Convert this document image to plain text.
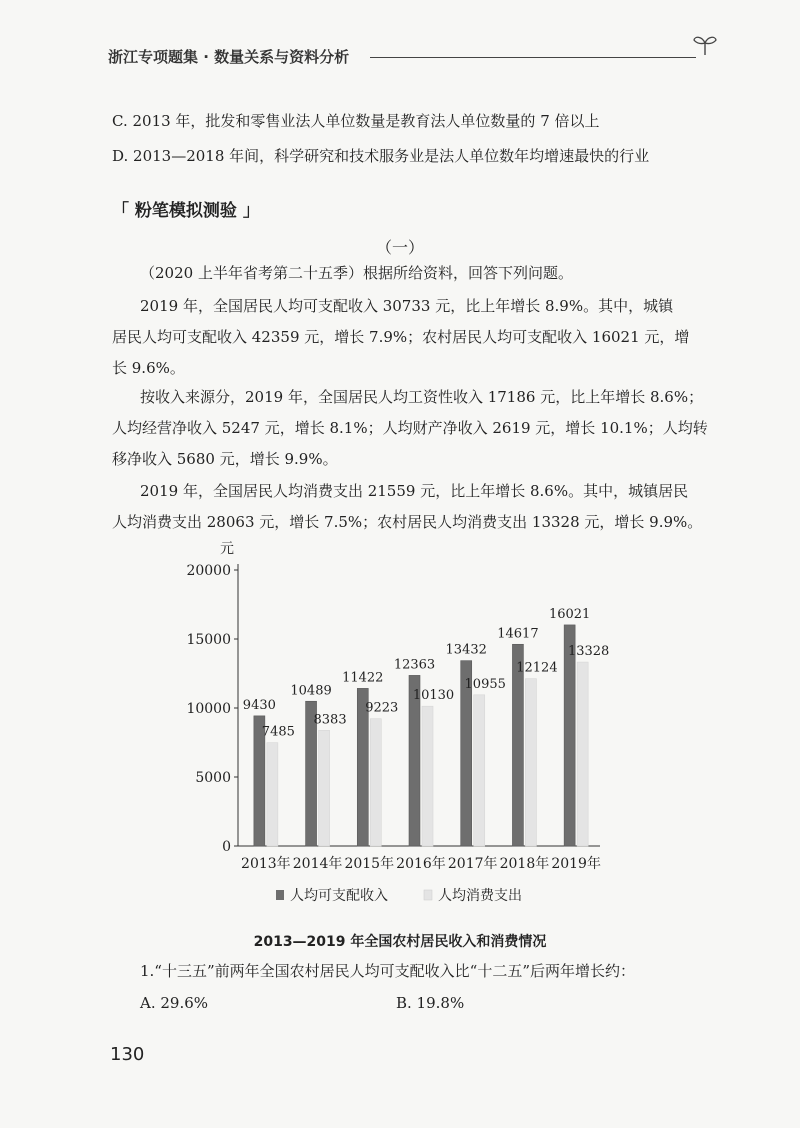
浙江专项题集 · 数量关系与资料分析
C. 2013 年，批发和零售业法人单位数量是教育法人单位数量的 7 倍以上
D. 2013—2018 年间，科学研究和技术服务业是法人单位数年均增速最快的行业
「 粉笔模拟测验 」
（一）
（2020 上半年省考第二十五季）根据所给资料，回答下列问题。
2019 年，全国居民人均可支配收入 30733 元，比上年增长 8.9%。其中，城镇
居民人均可支配收入 42359 元，增长 7.9%；农村居民人均可支配收入 16021 元，增
长 9.6%。
按收入来源分，2019 年，全国居民人均工资性收入 17186 元，比上年增长 8.6%；
人均经营净收入 5247 元，增长 8.1%；人均财产净收入 2619 元，增长 10.1%；人均转
移净收入 5680 元，增长 9.9%。
2019 年，全国居民人均消费支出 21559 元，比上年增长 8.6%。其中，城镇居民
人均消费支出 28063 元，增长 7.5%；农村居民人均消费支出 13328 元，增长 9.9%。
元
0
5000
10000
15000
20000
9430
7485
2013年
10489
8383
2014年
11422
9223
2015年
12363
10130
2016年
13432
10955
2017年
14617
12124
2018年
16021
13328
2019年
人均可支配收入	人均消费支出
2013—2019 年全国农村居民收入和消费情况
1.“十三五”前两年全国农村居民人均可支配收入比“十二五”后两年增长约：
A. 29.6%	B. 19.8%
130
